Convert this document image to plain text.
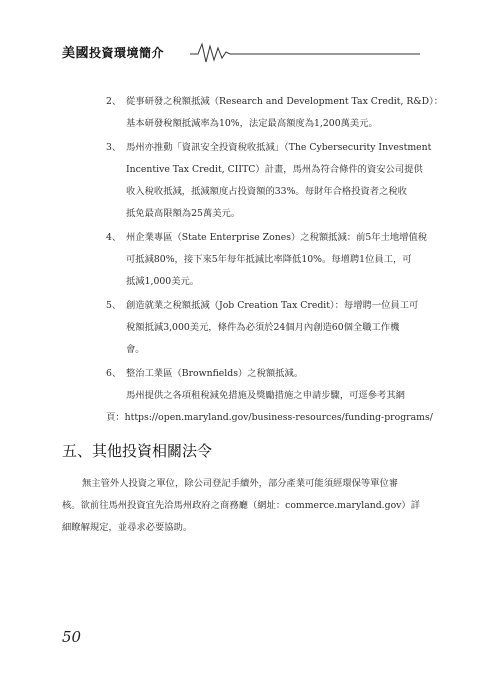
美國投資環境簡介
2、 從事研發之稅額抵減（Research and Development Tax Credit, R&D）：
基本研發稅額抵減率為10%，法定最高額度為1,200萬美元。
3、 馬州亦推動「資訊安全投資稅收抵減」（The Cybersecurity Investment
Incentive Tax Credit, CIITC）計畫，馬州為符合條件的資安公司提供
收入稅收抵減，抵減額度占投資額的33%。每財年合格投資者之稅收
抵免最高限額為25萬美元。
4、 州企業專區（State Enterprise Zones）之稅額抵減：前5年土地增值稅
可抵減80%，接下來5年每年抵減比率降低10%。每增聘1位員工，可
抵減1,000美元。
5、 創造就業之稅額抵減（Job Creation Tax Credit）：每增聘一位員工可
稅額抵減3,000美元，條件為必須於24個月內創造60個全職工作機
會。
6、 整治工業區（Brownfields）之稅額抵減。
馬州提供之各項租稅減免措施及獎勵措施之申請步驟，可逕參考其網
頁：https://open.maryland.gov/business-resources/funding-programs/
五、其他投資相關法令
無主管外人投資之單位，除公司登記手續外，部分產業可能須經環保等單位審
核。欲前往馬州投資宜先洽馬州政府之商務廳（網址：commerce.maryland.gov）詳
細瞭解規定，並尋求必要協助。
50
